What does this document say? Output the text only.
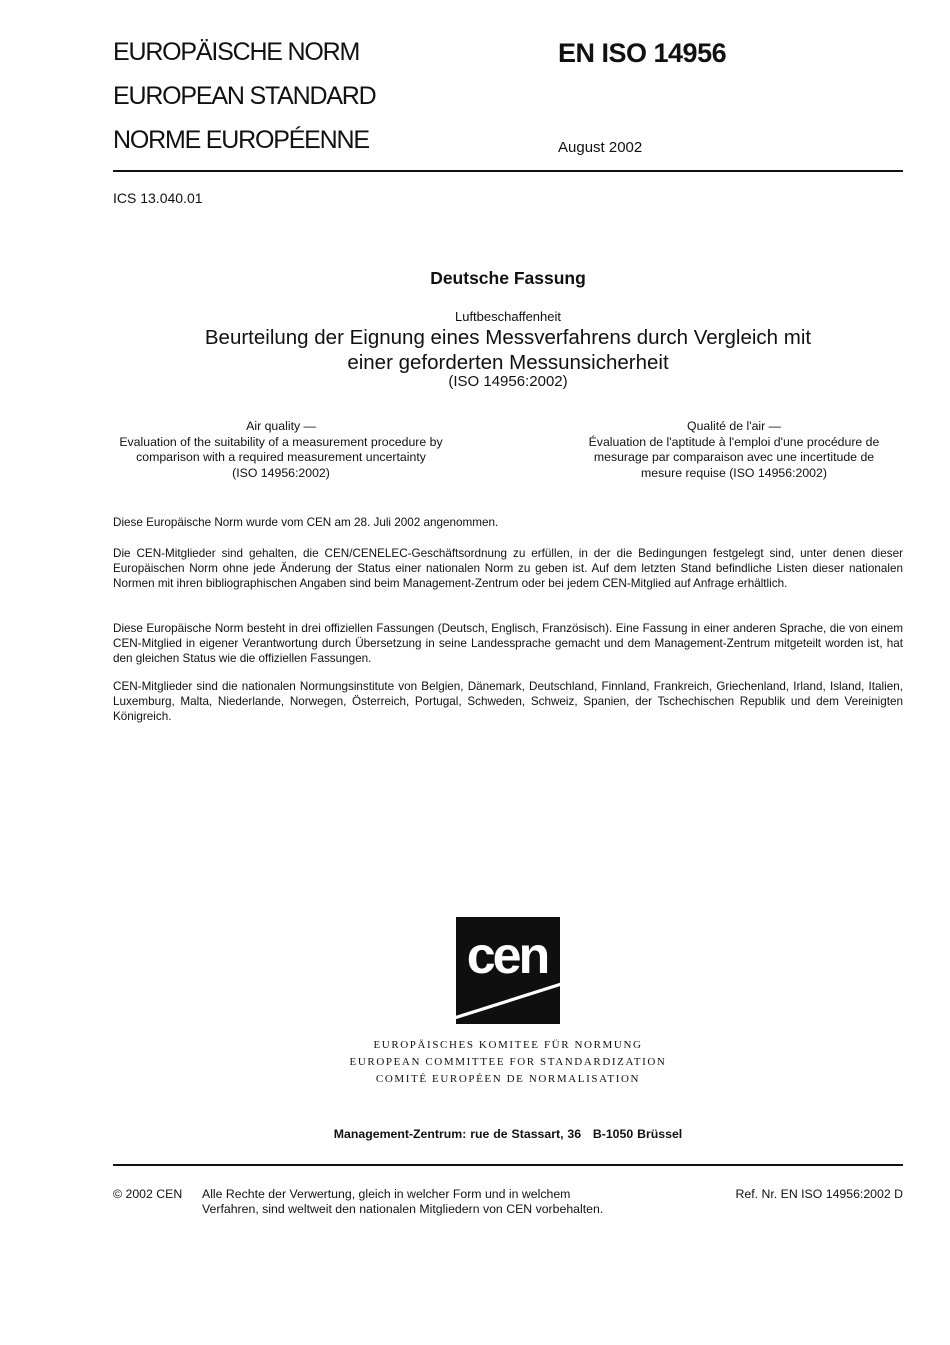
EUROPÄISCHE NORM
EUROPEAN STANDARD
NORME EUROPÉENNE
EN ISO 14956
August 2002
ICS 13.040.01
Deutsche Fassung
Luftbeschaffenheit
Beurteilung der Eignung eines Messverfahrens durch Vergleich mit
einer geforderten Messunsicherheit
(ISO 14956:2002)
Air quality —
Evaluation of the suitability of a measurement procedure by
comparison with a required measurement uncertainty
(ISO 14956:2002)
Qualité de l'air —
Évaluation de l'aptitude à l'emploi d'une procédure de
mesurage par comparaison avec une incertitude de
mesure requise (ISO 14956:2002)
Diese Europäische Norm wurde vom CEN am 28. Juli 2002 angenommen.
Die CEN-Mitglieder sind gehalten, die CEN/CENELEC-Geschäftsordnung zu erfüllen, in der die Bedingungen festgelegt sind, unter denen dieser Europäischen Norm ohne jede Änderung der Status einer nationalen Norm zu geben ist. Auf dem letzten Stand befindliche Listen dieser nationalen Normen mit ihren bibliographischen Angaben sind beim Management-Zentrum oder bei jedem CEN-Mitglied auf Anfrage erhältlich.
Diese Europäische Norm besteht in drei offiziellen Fassungen (Deutsch, Englisch, Französisch). Eine Fassung in einer anderen Sprache, die von einem CEN-Mitglied in eigener Verantwortung durch Übersetzung in seine Landessprache gemacht und dem Management-Zentrum mitgeteilt worden ist, hat den gleichen Status wie die offiziellen Fassungen.
CEN-Mitglieder sind die nationalen Normungsinstitute von Belgien, Dänemark, Deutschland, Finnland, Frankreich, Griechenland, Irland, Island, Italien, Luxemburg, Malta, Niederlande, Norwegen, Österreich, Portugal, Schweden, Schweiz, Spanien, der Tschechischen Republik und dem Vereinigten Königreich.
cen
EUROPÄISCHES KOMITEE FÜR NORMUNG
EUROPEAN COMMITTEE FOR STANDARDIZATION
COMITÉ EUROPÉEN DE NORMALISATION
Management-Zentrum: rue de Stassart, 36   B-1050 Brüssel
© 2002 CEN Alle Rechte der Verwertung, gleich in welcher Form und in welchem
Verfahren, sind weltweit den nationalen Mitgliedern von CEN vorbehalten.
Ref. Nr. EN ISO 14956:2002 D
